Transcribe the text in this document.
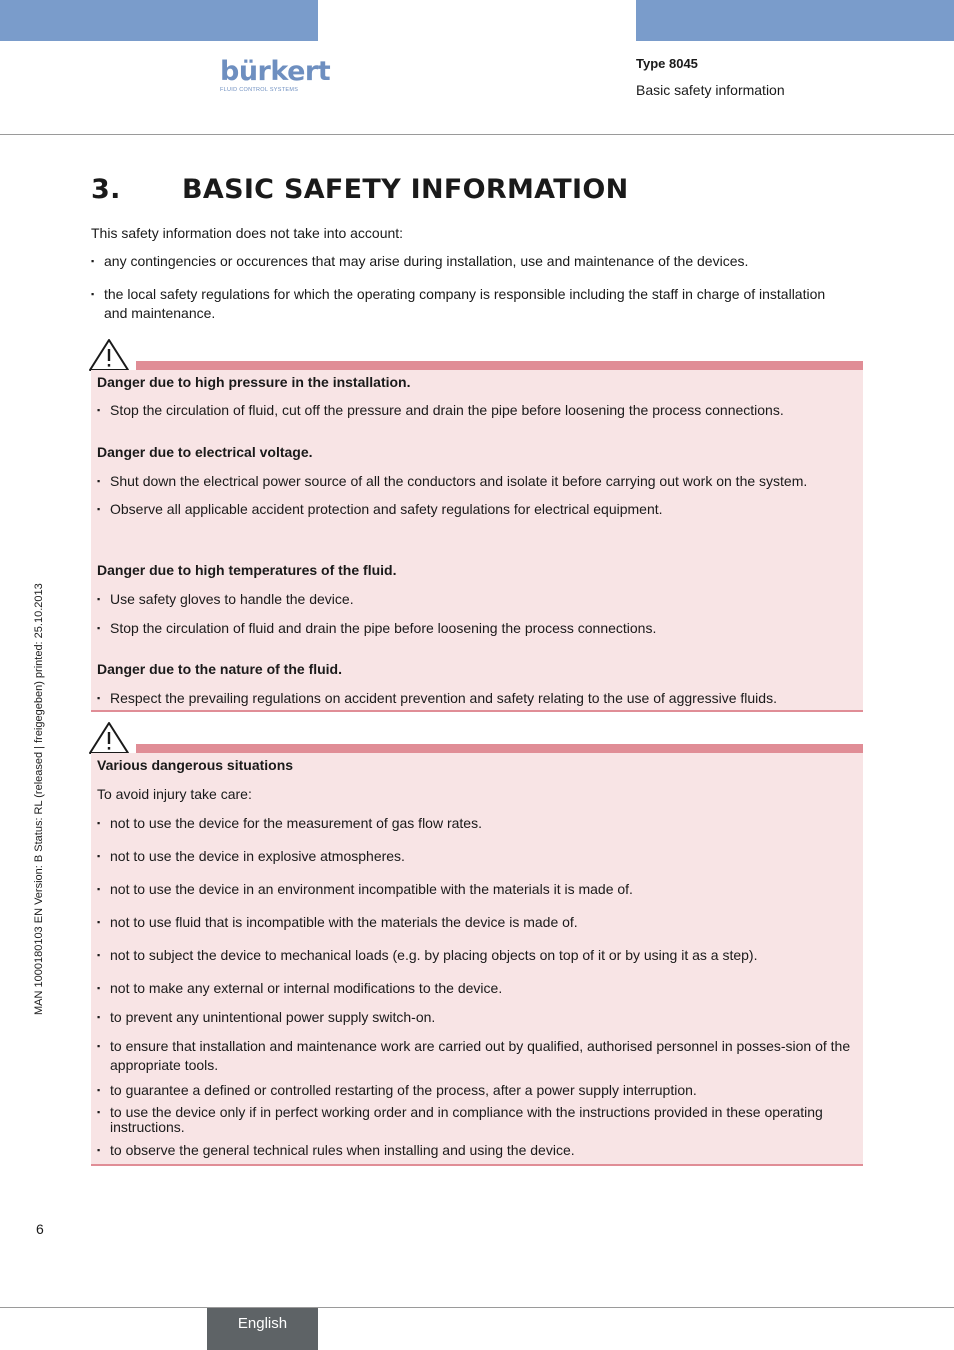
bürkert
FLUID CONTROL SYSTEMS
Type 8045
Basic safety information
3. BASIC SAFETY INFORMATION

This safety information does not take into account:

▪ any contingencies or occurences that may arise during installation, use and maintenance of the devices.
▪ the local safety regulations for which the operating company is responsible including the staff in charge of installation and maintenance.
Danger due to high pressure in the installation.
▪ Stop the circulation of fluid, cut off the pressure and drain the pipe before loosening the process connections.
Danger due to electrical voltage.
▪ Shut down the electrical power source of all the conductors and isolate it before carrying out work on the system.
▪ Observe all applicable accident protection and safety regulations for electrical equipment.
Danger due to high temperatures of the fluid.
▪ Use safety gloves to handle the device.
▪ Stop the circulation of fluid and drain the pipe before loosening the process connections.
Danger due to the nature of the fluid.
▪ Respect the prevailing regulations on accident prevention and safety relating to the use of aggressive fluids.
Various dangerous situations

To avoid injury take care:

▪ not to use the device for the measurement of gas flow rates.
▪ not to use the device in explosive atmospheres.
▪ not to use the device in an environment incompatible with the materials it is made of.
▪ not to use fluid that is incompatible with the materials the device is made of.
▪ not to subject the device to mechanical loads (e.g. by placing objects on top of it or by using it as a step).
▪ not to make any external or internal modifications to the device.
▪ to prevent any unintentional power supply switch-on.
▪ to ensure that installation and maintenance work are carried out by qualified, authorised personnel in posses-sion of the appropriate tools.
▪ to guarantee a defined or controlled restarting of the process, after a power supply interruption.
▪ to use the device only if in perfect working order and in compliance with the instructions provided in these operating instructions.
▪ to observe the general technical rules when installing and using the device.
MAN 1000180103 EN Version: B Status: RL (released | freigegeben) printed: 25.10.2013
6
English
